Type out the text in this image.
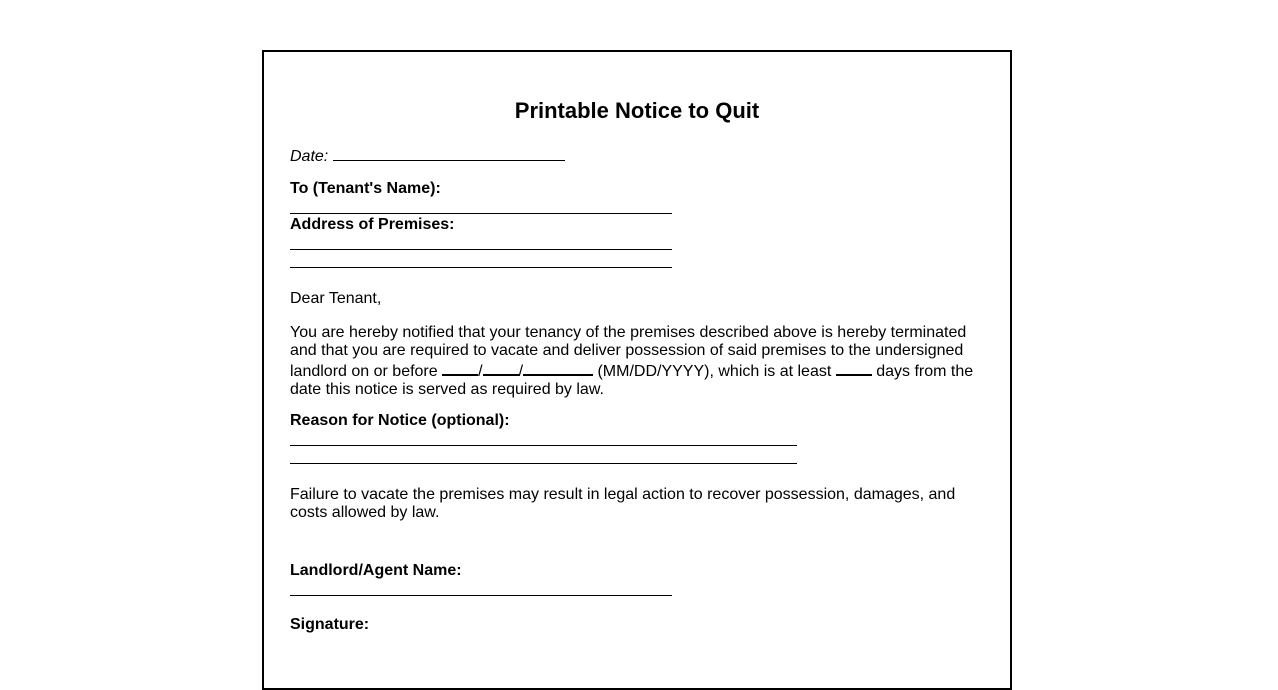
Printable Notice to Quit
Date:
To (Tenant's Name):
Address of Premises:
Dear Tenant,
You are hereby notified that your tenancy of the premises described above is hereby terminated and that you are required to vacate and deliver possession of said premises to the undersigned landlord on or before	/ /	(MM/DD/YYYY), which is at least	days from the date this notice is served as required by law.
Reason for Notice (optional):
Failure to vacate the premises may result in legal action to recover possession, damages, and costs allowed by law.
Landlord/Agent Name:
Signature:
